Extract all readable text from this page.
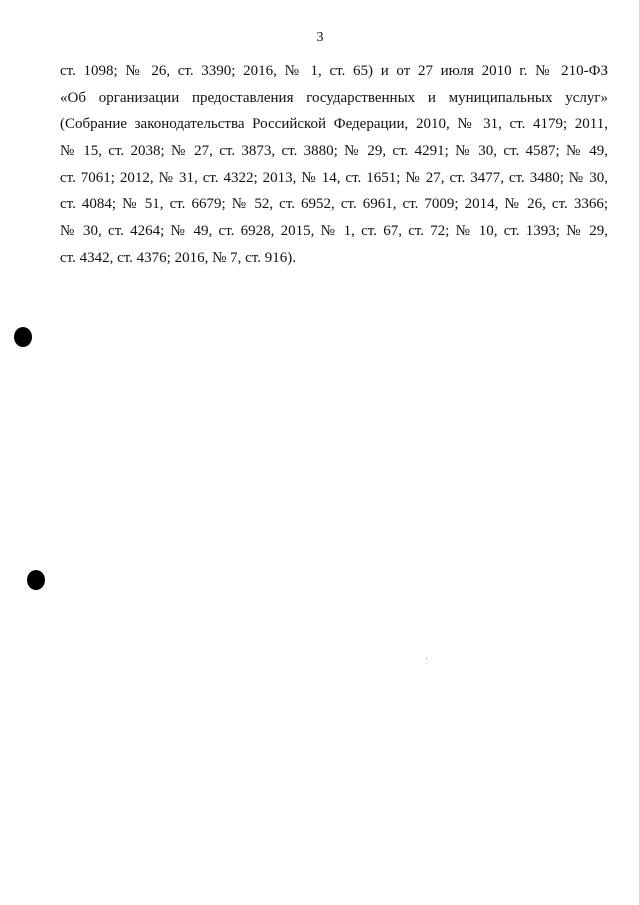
3
ст. 1098; № 26, ст. 3390; 2016, № 1, ст. 65) и от 27 июля 2010 г. № 210-ФЗ
«Об организации предоставления государственных и муниципальных услуг»
(Собрание законодательства Российской Федерации, 2010, № 31, ст. 4179; 2011,
№ 15, ст. 2038; № 27, ст. 3873, ст. 3880; № 29, ст. 4291; № 30, ст. 4587; № 49,
ст. 7061; 2012, № 31, ст. 4322; 2013, № 14, ст. 1651; № 27, ст. 3477, ст. 3480; № 30,
ст. 4084; № 51, ст. 6679; № 52, ст. 6952, ст. 6961, ст. 7009; 2014, № 26, ст. 3366;
№ 30, ст. 4264; № 49, ст. 6928, 2015, № 1, ст. 67, ст. 72; № 10, ст. 1393; № 29,
ст. 4342, ст. 4376; 2016, № 7, ст. 916).
